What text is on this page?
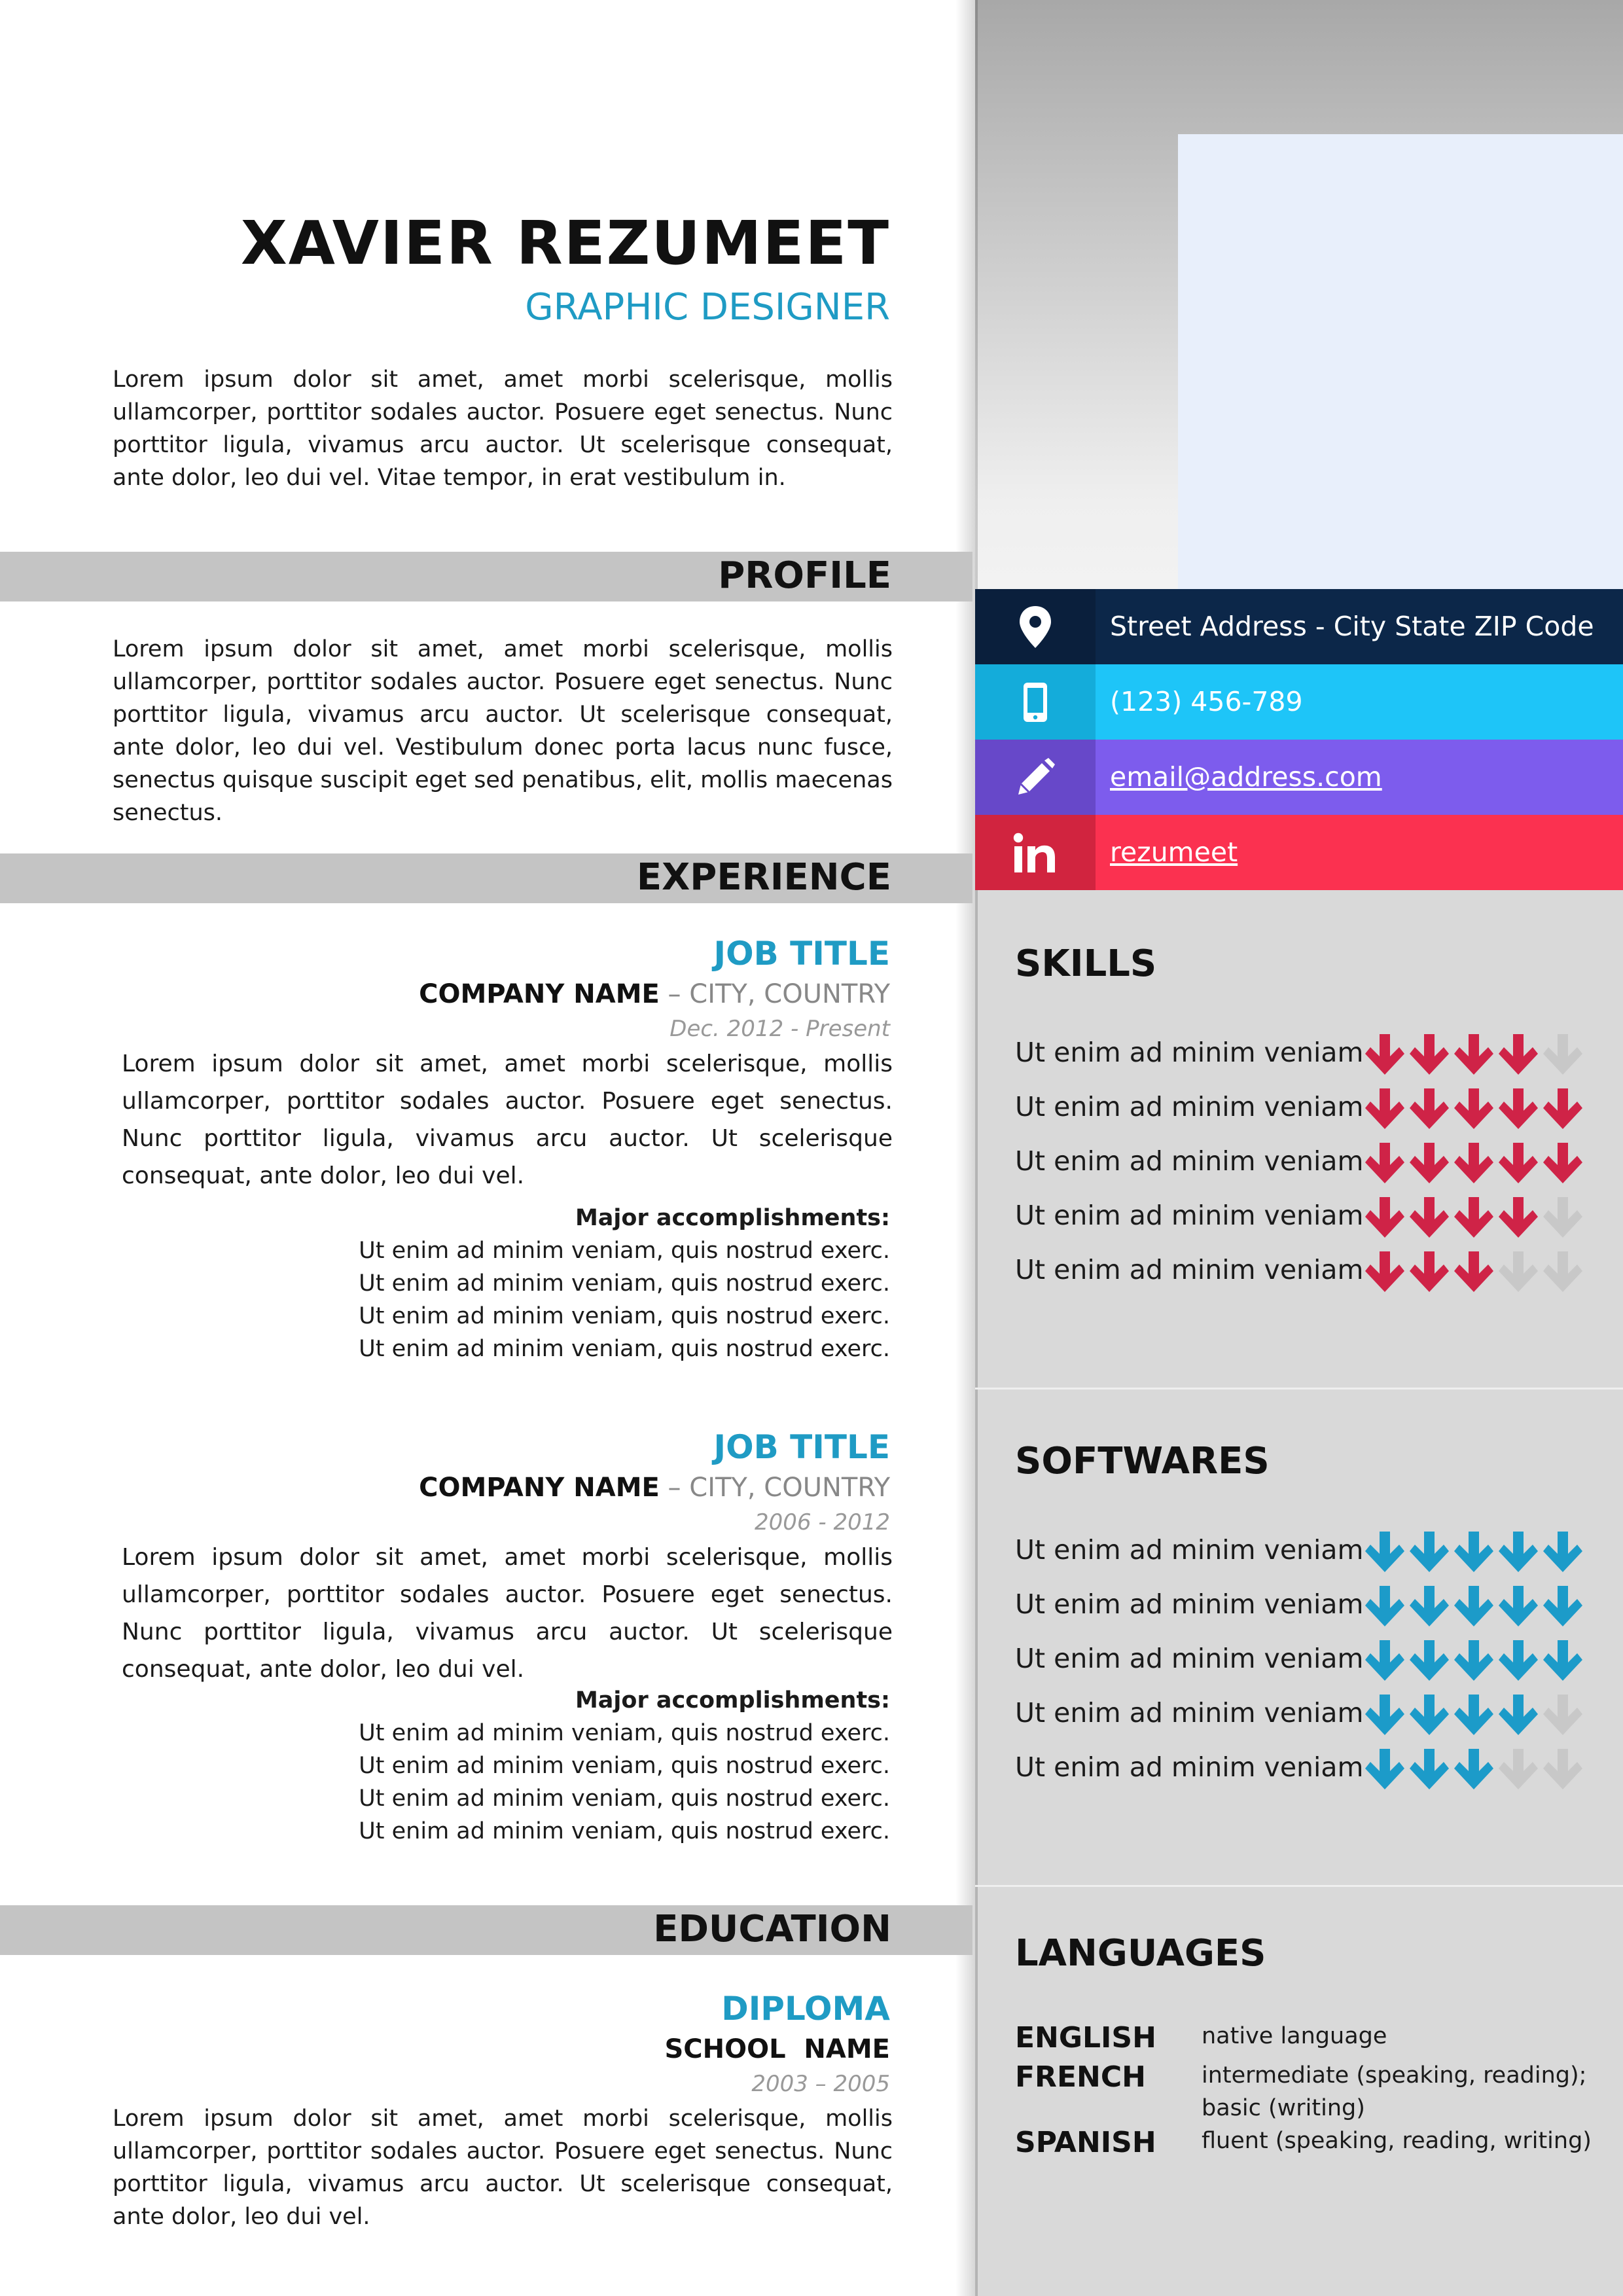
XAVIER REZUMEET
GRAPHIC DESIGNER
Lorem ipsum dolor sit amet, amet morbi scelerisque, mollis ullamcorper, porttitor sodales auctor. Posuere eget senectus. Nunc porttitor ligula, vivamus arcu auctor. Ut scelerisque consequat, ante dolor, leo dui vel. Vitae tempor, in erat vestibulum in.
PROFILE
Lorem ipsum dolor sit amet, amet morbi scelerisque, mollis ullamcorper, porttitor sodales auctor. Posuere eget senectus. Nunc porttitor ligula, vivamus arcu auctor. Ut scelerisque consequat, ante dolor, leo dui vel. Vestibulum donec porta lacus nunc fusce, senectus quisque suscipit eget sed penatibus, elit, mollis maecenas senectus.
EXPERIENCE
JOB TITLE
COMPANY NAME – CITY, COUNTRY
Dec. 2012 - Present
Lorem ipsum dolor sit amet, amet morbi scelerisque, mollis ullamcorper, porttitor sodales auctor. Posuere eget senectus. Nunc porttitor ligula, vivamus arcu auctor. Ut scelerisque consequat, ante dolor, leo dui vel.
Major accomplishments:
Ut enim ad minim veniam, quis nostrud exerc.
Ut enim ad minim veniam, quis nostrud exerc.
Ut enim ad minim veniam, quis nostrud exerc.
Ut enim ad minim veniam, quis nostrud exerc.
JOB TITLE
COMPANY NAME – CITY, COUNTRY
2006 - 2012
Lorem ipsum dolor sit amet, amet morbi scelerisque, mollis ullamcorper, porttitor sodales auctor. Posuere eget senectus. Nunc porttitor ligula, vivamus arcu auctor. Ut scelerisque consequat, ante dolor, leo dui vel.
Major accomplishments:
Ut enim ad minim veniam, quis nostrud exerc.
Ut enim ad minim veniam, quis nostrud exerc.
Ut enim ad minim veniam, quis nostrud exerc.
Ut enim ad minim veniam, quis nostrud exerc.
EDUCATION
DIPLOMA
SCHOOL  NAME
2003 – 2005
Lorem ipsum dolor sit amet, amet morbi scelerisque, mollis ullamcorper, porttitor sodales auctor. Posuere eget senectus. Nunc porttitor ligula, vivamus arcu auctor. Ut scelerisque consequat, ante dolor, leo dui vel.
Street Address - City State ZIP Code
(123) 456-789
email@address.com
rezumeet
SKILLS
Ut enim ad minim veniam
Ut enim ad minim veniam
Ut enim ad minim veniam
Ut enim ad minim veniam
Ut enim ad minim veniam
SOFTWARES
Ut enim ad minim veniam
Ut enim ad minim veniam
Ut enim ad minim veniam
Ut enim ad minim veniam
Ut enim ad minim veniam
LANGUAGES
ENGLISH native language
FRENCH intermediate (speaking, reading); basic (writing)
SPANISH fluent (speaking, reading, writing)
